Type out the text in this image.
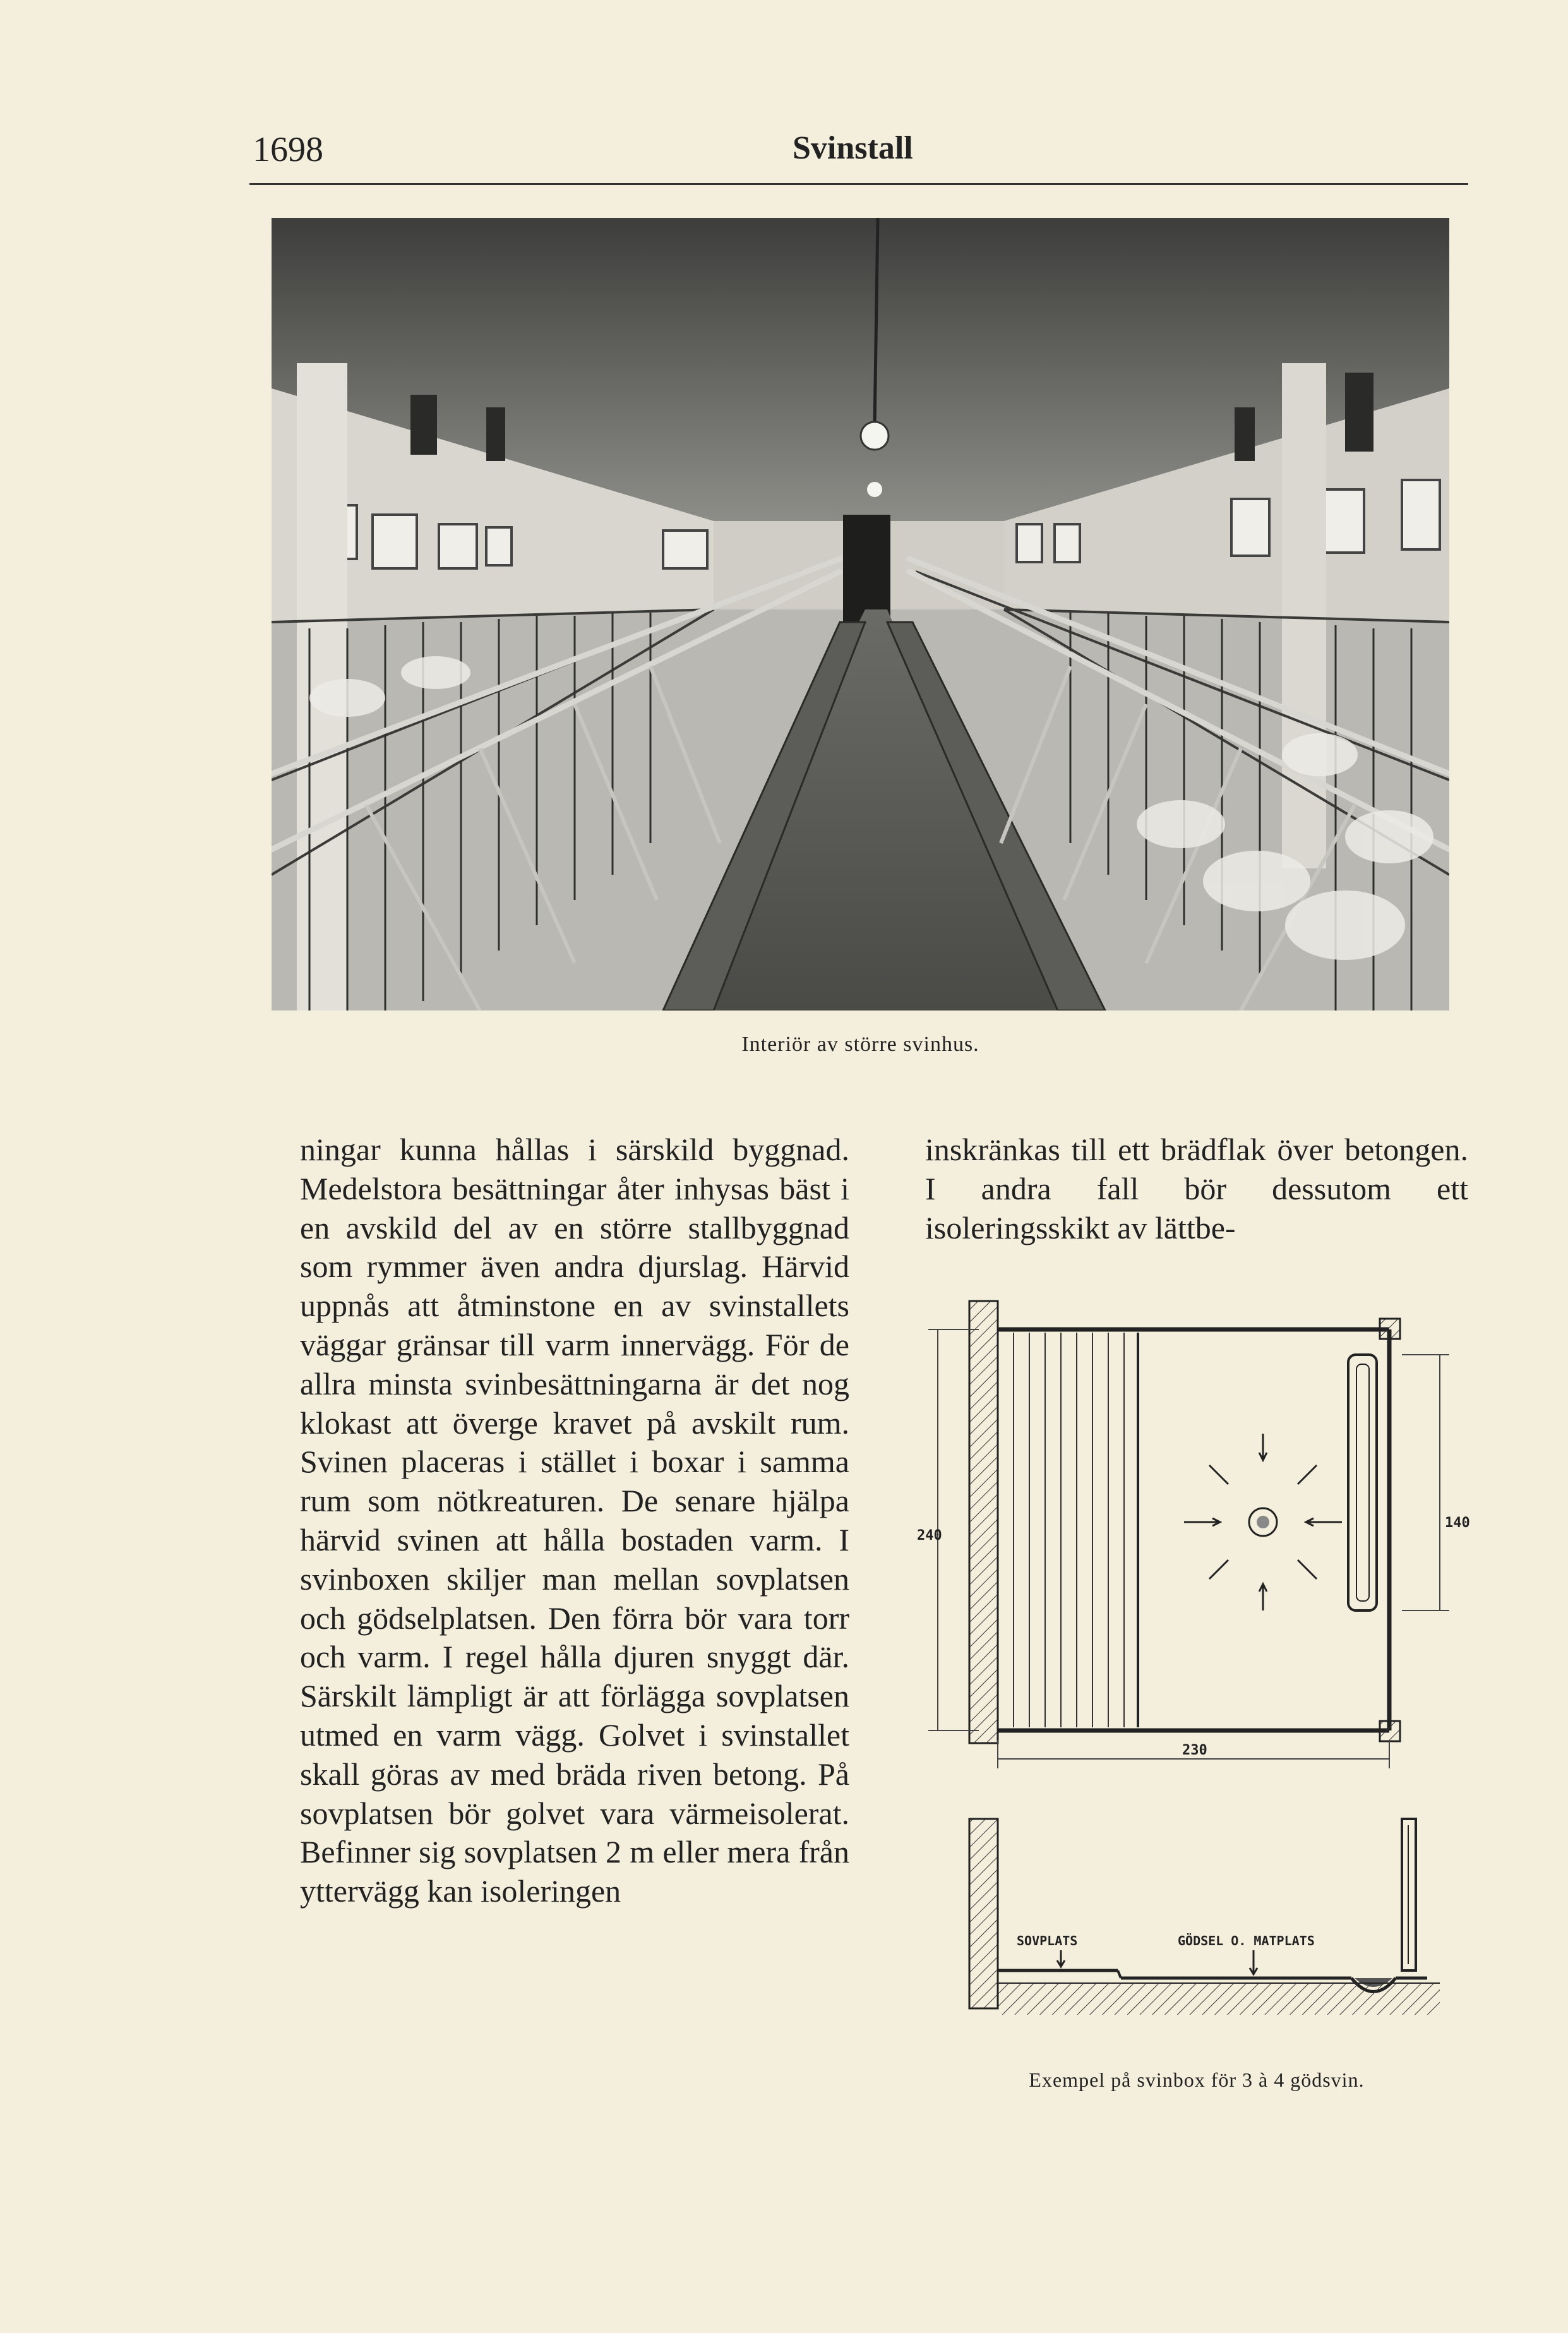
1698	Svinstall
Interiör av större svinhus.
ningar kunna hållas i särskild byggnad. Medelstora besättningar åter inhysas bäst i en avskild del av en större stallbyggnad som rymmer även andra djurslag. Härvid uppnås att åtminstone en av svinstallets väggar gränsar till varm innervägg. För de allra minsta svinbesättningarna är det nog klokast att överge kravet på avskilt rum. Svinen placeras i stället i boxar i samma rum som nötkreaturen. De senare hjälpa härvid svinen att hålla bostaden varm. I svinboxen skiljer man mellan sovplatsen och gödselplatsen. Den förra bör vara torr och varm. I regel hålla djuren snyggt där. Särskilt lämpligt är att förlägga sovplatsen utmed en varm vägg. Golvet i svinstallet skall göras av med bräda riven betong. På sovplatsen bör golvet vara värmeisolerat. Befinner sig sovplatsen 2 m eller mera från yttervägg kan isoleringen
inskränkas till ett brädflak över betongen. I andra fall bör dessutom ett isoleringsskikt av lättbe-
240
230
140
SOVPLATS	GÖDSEL O. MATPLATS
Exempel på svinbox för 3 à 4 gödsvin.
